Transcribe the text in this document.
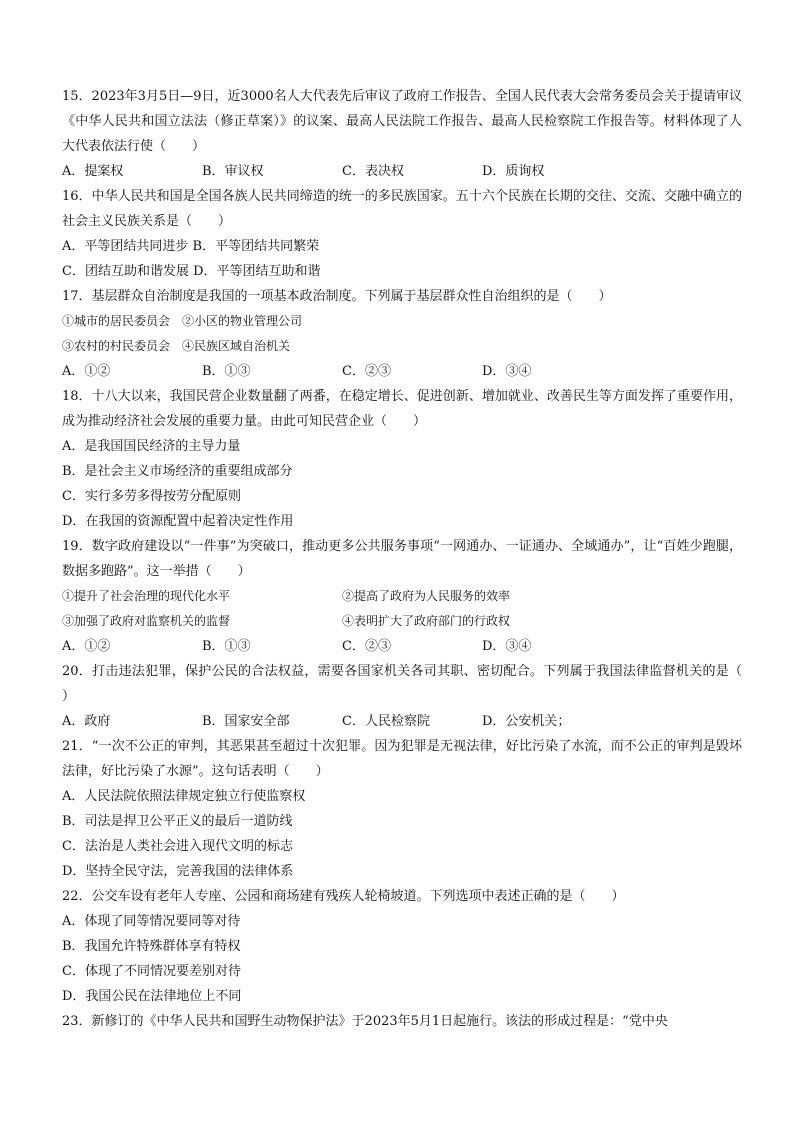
15．2023年3月5日—9日，近3000名人大代表先后审议了政府工作报告、全国人民代表大会常务委员会关于提请审议《中华人民共和国立法法（修正草案）》的议案、最高人民法院工作报告、最高人民检察院工作报告等。材料体现了人大代表依法行使（　　）
A．提案权	B．审议权	C．表决权	D．质询权
16．中华人民共和国是全国各族人民共同缔造的统一的多民族国家。五十六个民族在长期的交往、交流、交融中确立的社会主义民族关系是（　　）
A．平等团结共同进步 B．平等团结共同繁荣
C．团结互助和谐发展 D．平等团结互助和谐
17．基层群众自治制度是我国的一项基本政治制度。下列属于基层群众性自治组织的是（　　）
①城市的居民委员会　②小区的物业管理公司
③农村的村民委员会　④民族区域自治机关
A．①②	B．①③	C．②③	D．③④
18．十八大以来，我国民营企业数量翻了两番，在稳定增长、促进创新、增加就业、改善民生等方面发挥了重要作用，成为推动经济社会发展的重要力量。由此可知民营企业（　　）
A．是我国国民经济的主导力量
B．是社会主义市场经济的重要组成部分
C．实行多劳多得按劳分配原则
D．在我国的资源配置中起着决定性作用
19．数字政府建设以“一件事”为突破口，推动更多公共服务事项“一网通办、一证通办、全域通办”，让“百姓少跑腿，数据多跑路”。这一举措（　　）
①提升了社会治理的现代化水平	②提高了政府为人民服务的效率
③加强了政府对监察机关的监督	④表明扩大了政府部门的行政权
A．①②	B．①③	C．②③	D．③④
20．打击违法犯罪，保护公民的合法权益，需要各国家机关各司其职、密切配合。下列属于我国法律监督机关的是（　　）
A．政府	B．国家安全部	C．人民检察院	D．公安机关；
21．“一次不公正的审判，其恶果甚至超过十次犯罪。因为犯罪是无视法律，好比污染了水流，而不公正的审判是毁坏法律，好比污染了水源”。这句话表明（　　）
A．人民法院依照法律规定独立行使监察权
B．司法是捍卫公平正义的最后一道防线
C．法治是人类社会进入现代文明的标志
D．坚持全民守法，完善我国的法律体系
22．公交车设有老年人专座、公园和商场建有残疾人轮椅坡道。下列选项中表述正确的是（　　）
A．体现了同等情况要同等对待
B．我国允许特殊群体享有特权
C．体现了不同情况要差别对待
D．我国公民在法律地位上不同
23．新修订的《中华人民共和国野生动物保护法》于2023年5月1日起施行。该法的形成过程是：“党中央
